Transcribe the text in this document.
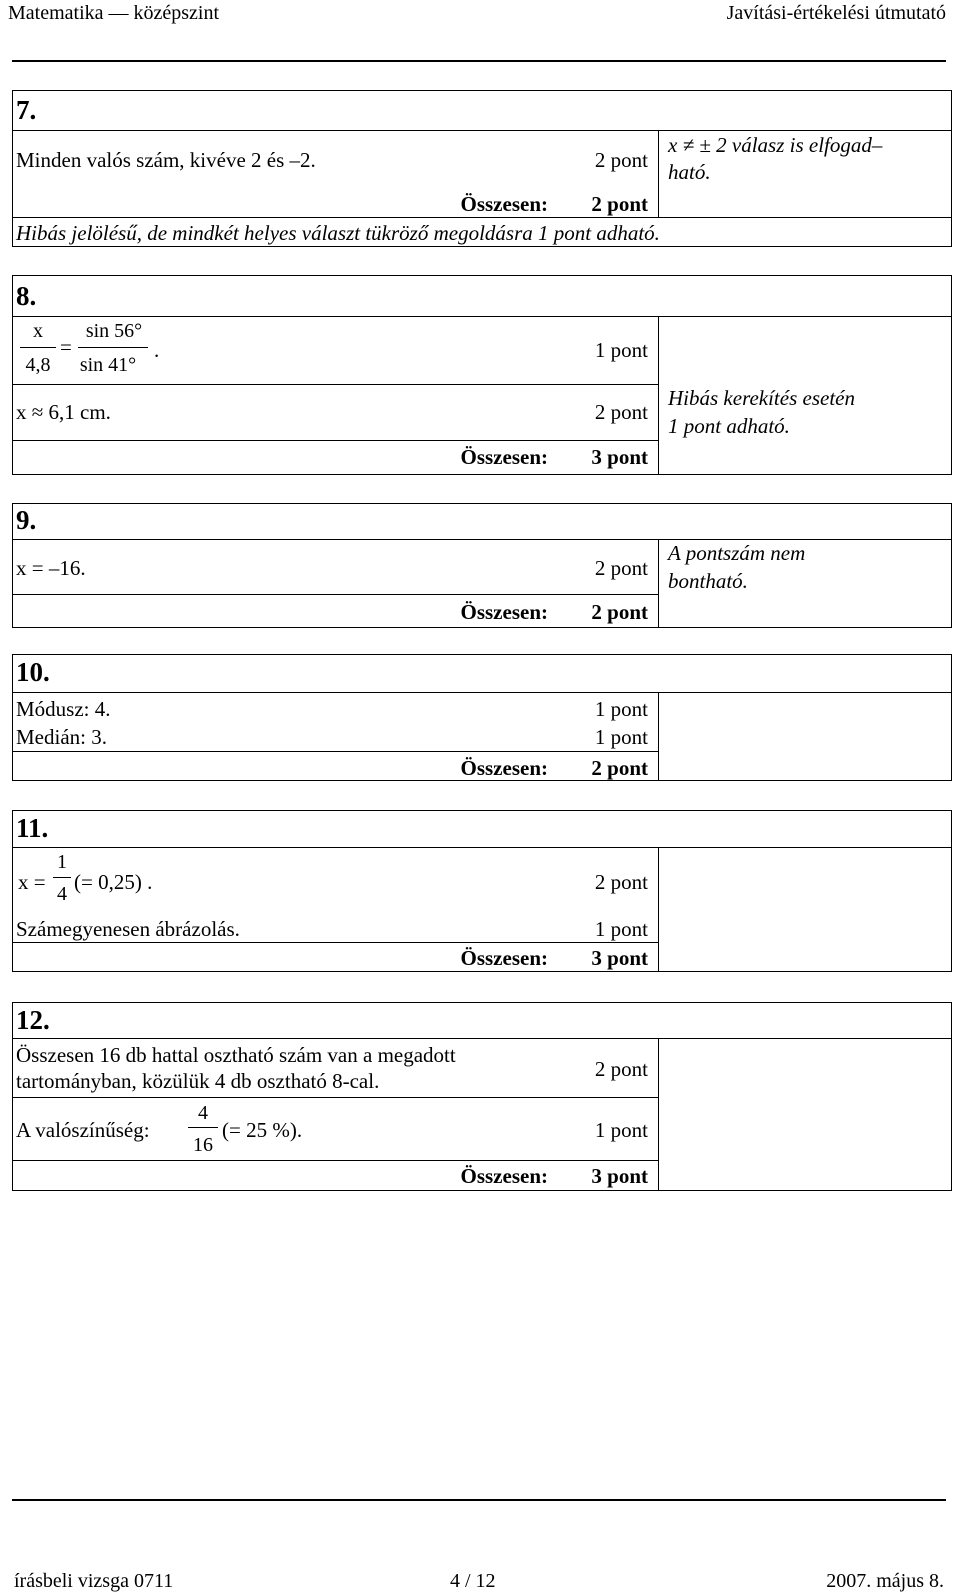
Matematika — középszint	Javítási-értékelési útmutató
7.
Minden valós szám, kivéve 2 és –2.	2 pont
x ≠ ± 2 válasz is elfogad–
ható.
Összesen:	2 pont
Hibás jelölésű, de mindkét helyes választ tükröző megoldásra 1 pont adható.
8.
x
4,8
=
sin 56°
sin 41°
.	1 pont
x ≈ 6,1 cm.	2 pont
Hibás kerekítés esetén
1 pont adható.
Összesen:	3 pont
9.
x = –16.	2 pont
A pontszám nem
bontható.
Összesen:	2 pont
10.
Módusz: 4.	1 pont
Medián: 3.	1 pont
Összesen:	2 pont
11.
x =
1
4 (= 0,25) .	2 pont
Számegyenesen ábrázolás.	1 pont
Összesen:	3 pont
12.
Összesen 16 db hattal osztható szám van a megadott
tartományban, közülük 4 db osztható 8-cal.	2 pont
A valószínűség:
4
16
(= 25 %).	1 pont
Összesen:	3 pont
írásbeli vizsga 0711	4 / 12	2007. május 8.
